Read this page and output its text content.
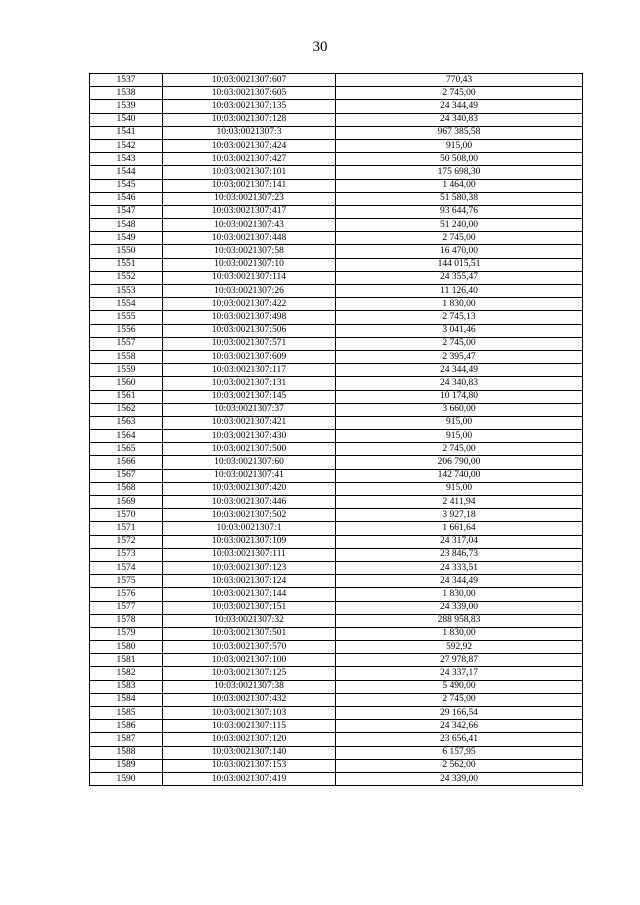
30
1537	10:03:0021307:607	770,43
1538	10:03:0021307:605	2 745,00
1539	10:03:0021307:135	24 344,49
1540	10:03:0021307:128	24 340,83
1541	10:03:0021307:3	967 385,58
1542	10:03:0021307:424	915,00
1543	10:03:0021307:427	50 508,00
1544	10:03:0021307:101	175 698,30
1545	10:03:0021307:141	1 464,00
1546	10:03:0021307:23	51 580,38
1547	10:03:0021307:417	93 644,76
1548	10:03:0021307:43	51 240,00
1549	10:03:0021307:448	2 745,00
1550	10:03:0021307:58	16 470,00
1551	10:03:0021307:10	144 015,51
1552	10:03:0021307:114	24 355,47
1553	10:03:0021307:26	11 126,40
1554	10:03:0021307:422	1 830,00
1555	10:03:0021307:498	2 745,13
1556	10:03:0021307:506	3 041,46
1557	10:03:0021307:571	2 745,00
1558	10:03:0021307:609	2 395,47
1559	10:03:0021307:117	24 344,49
1560	10:03:0021307:131	24 340,83
1561	10:03:0021307:145	10 174,80
1562	10:03:0021307:37	3 660,00
1563	10:03:0021307:421	915,00
1564	10:03:0021307:430	915,00
1565	10:03:0021307:500	2 745,00
1566	10:03:0021307:60	206 790,00
1567	10:03:0021307:41	142 740,00
1568	10:03:0021307:420	915,00
1569	10:03:0021307:446	2 411,94
1570	10:03:0021307:502	3 927,18
1571	10:03:0021307:1	1 661,64
1572	10:03:0021307:109	24 317,04
1573	10:03:0021307:111	23 846,73
1574	10:03:0021307:123	24 333,51
1575	10:03:0021307:124	24 344,49
1576	10:03:0021307:144	1 830,00
1577	10:03:0021307:151	24 339,00
1578	10:03:0021307:32	288 958,83
1579	10:03:0021307:501	1 830,00
1580	10:03:0021307:570	592,92
1581	10:03:0021307:100	27 978,87
1582	10:03:0021307:125	24 337,17
1583	10:03:0021307:38	5 490,00
1584	10:03:0021307:432	2 745,00
1585	10:03:0021307:103	29 166,54
1586	10:03:0021307:115	24 342,66
1587	10:03:0021307:120	23 656,41
1588	10:03:0021307:140	6 157,95
1589	10:03:0021307:153	2 562,00
1590	10:03:0021307:419	24 339,00
